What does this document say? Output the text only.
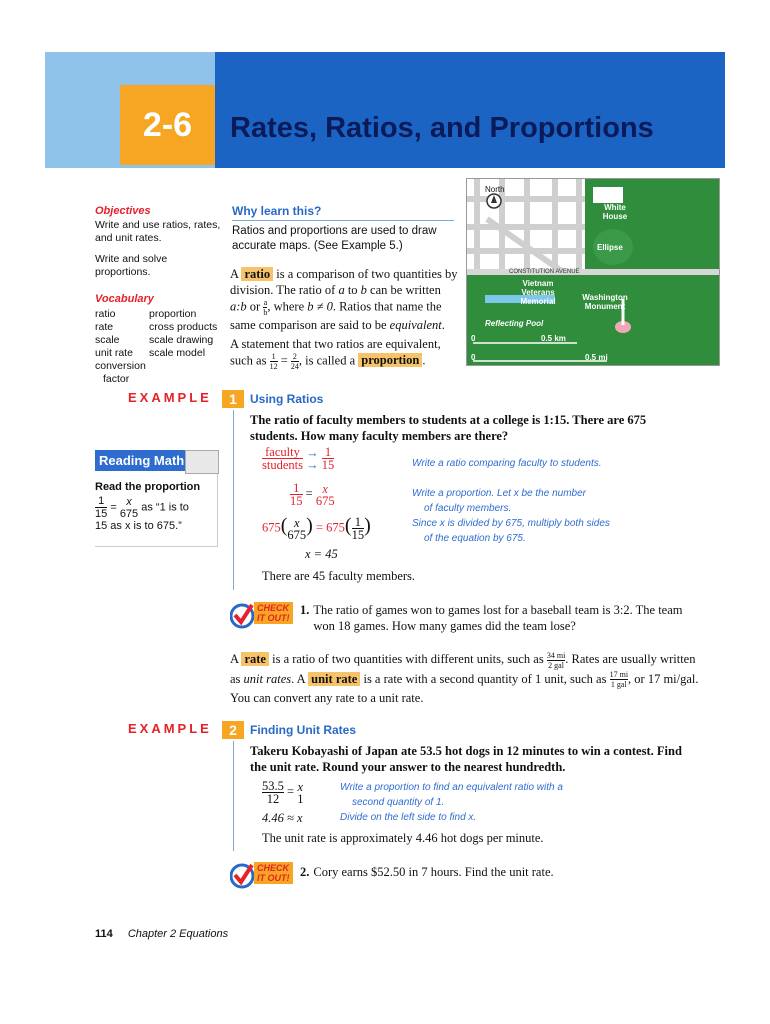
2-6	Rates, Ratios, and Proportions
Objectives
Write and use ratios, rates, and unit rates.
Write and solve proportions.
Vocabulary
ratio
rate
scale
unit rate
conversion
factor
proportion
cross products
scale drawing
scale model
Why learn this?
Ratios and proportions are used to draw accurate maps. (See Example 5.)
A ratio is a comparison of two quantities by division. The ratio of a to b can be written a:b or $\frac{a}{b}$ , where b ≠ 0. Ratios that name the same comparison are said to be equivalent.
A statement that two ratios are equivalent, such as $\frac{1}{12} = \frac{2}{24}$ , is called a proportion .
North
White House
Ellipse
CONSTITUTION AVENUE
Vietnam Veterans Memorial	Washington Monument
Reflecting Pool
0	0.5 km
0	0.5 mi
EXAMPLE	1	Using Ratios
The ratio of faculty members to students at a college is 1:15. There are 675 students. How many faculty members are there?
$\frac{\text{faculty}}{\text{students}}$
→
→
$\frac{1}{15}$	Write a ratio comparing faculty to students.
$\frac{1}{15} = x$
675	Write a proportion. Let x be the number
of faculty members.
675( x
675 ) = $675( \frac{1}{15}$ )	Since x is divided by 675, multiply both sides
of the equation by 675.
x = 45
There are 45 faculty members.
Reading Math
Read the proportion
$\frac{1}{15} = x$
675
as “1 is to
15 as x is to 675.”
CHECK
IT OUT!
1. The ratio of games won to games lost for a baseball team is 3:2. The team won 18 games. How many games did the team lose?
A rate is a ratio of two quantities with different units, such as $\frac{34 mi}{\text{2 gal}}$ . Rates are usually written as unit rates. A unit rate is a rate with a second quantity of 1 unit, such as $\frac{17 mi}{\text{1 gal}}$ , or 17 mi/gal. You can convert any rate to a unit rate.
EXAMPLE	2	Finding Unit Rates
Takeru Kobayashi of Japan ate 53.5 hot dogs in 12 minutes to win a contest. Find the unit rate. Round your answer to the nearest hundredth.
$\frac{53.5}{12} = x$
1
Write a proportion to find an equivalent ratio with a
second quantity of 1.
4.46 ≈ x	Divide on the left side to find x.
The unit rate is approximately 4.46 hot dogs per minute.
CHECK
IT OUT! 2. Cory earns $52.50 in 7 hours. Find the unit rate.
114 Chapter 2 Equations
